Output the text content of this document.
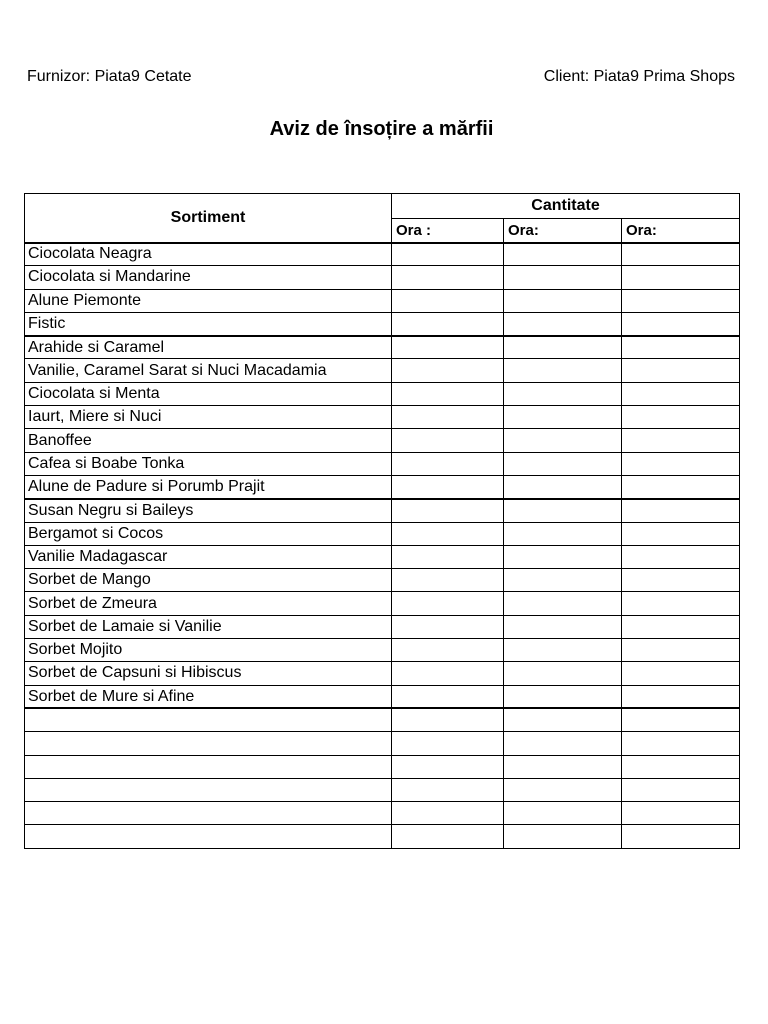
Furnizor: Piata9 Cetate	Client: Piata9 Prima Shops
Aviz de însoțire a mărfii
Sortiment	Cantitate		
	Ora :	Ora:	Ora:
Ciocolata Neagra			
Ciocolata si Mandarine			
Alune Piemonte			
Fistic			
Arahide si Caramel			
Vanilie, Caramel Sarat si Nuci Macadamia			
Ciocolata si Menta			
Iaurt, Miere si Nuci			
Banoffee			
Cafea si Boabe Tonka			
Alune de Padure si Porumb Prajit			
Susan Negru si Baileys			
Bergamot si Cocos			
Vanilie Madagascar			
Sorbet de Mango			
Sorbet de Zmeura			
Sorbet de Lamaie si Vanilie			
Sorbet Mojito			
Sorbet de Capsuni si Hibiscus			
Sorbet de Mure si Afine			
